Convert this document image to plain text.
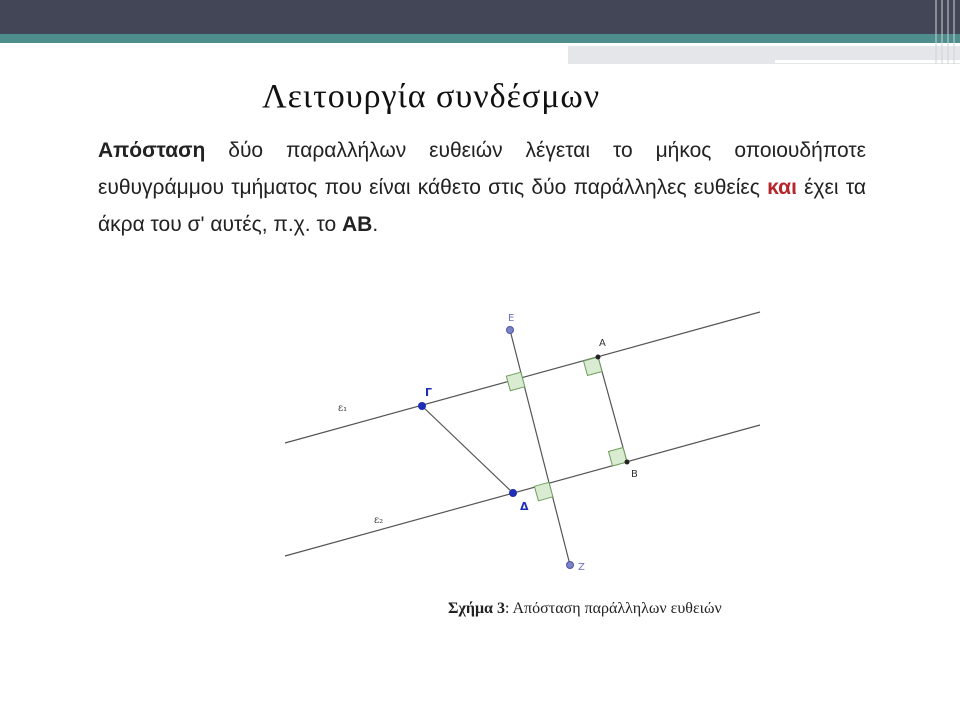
Λειτουργία συνδέσμων

Απόσταση δύο παραλλήλων ευθειών λέγεται το μήκος οποιουδήποτε ευθυγράμμου τμήματος που είναι κάθετο στις δύο παράλληλες ευθείες και έχει τα άκρα του σ' αυτές, π.χ. το ΑΒ.

E
A
Γ
ε₁
B
Δ
ε₂
Z

Σχήμα 3: Απόσταση παράλληλων ευθειών
